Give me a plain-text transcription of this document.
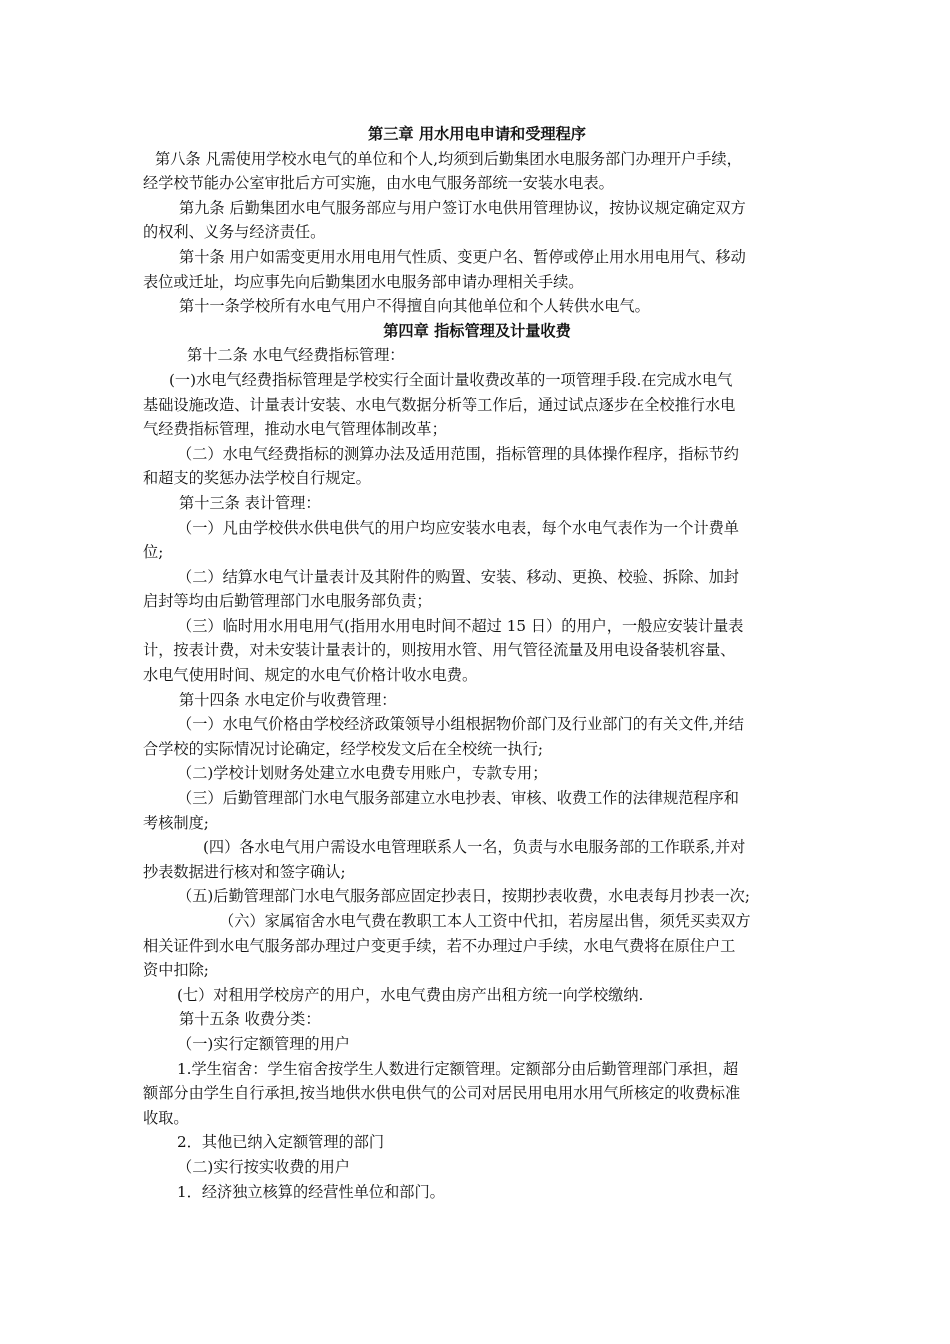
第三章 用水用电申请和受理程序
第八条 凡需使用学校水电气的单位和个人,均须到后勤集团水电服务部门办理开户手续，
经学校节能办公室审批后方可实施，由水电气服务部统一安装水电表。
第九条 后勤集团水电气服务部应与用户签订水电供用管理协议，按协议规定确定双方
的权利、义务与经济责任。
第十条 用户如需变更用水用电用气性质、变更户名、暂停或停止用水用电用气、移动
表位或迁址，均应事先向后勤集团水电服务部申请办理相关手续。
第十一条学校所有水电气用户不得擅自向其他单位和个人转供水电气。
第四章 指标管理及计量收费
第十二条 水电气经费指标管理：
(一)水电气经费指标管理是学校实行全面计量收费改革的一项管理手段.在完成水电气
基础设施改造、计量表计安装、水电气数据分析等工作后，通过试点逐步在全校推行水电
气经费指标管理，推动水电气管理体制改革；
（二）水电气经费指标的测算办法及适用范围，指标管理的具体操作程序，指标节约
和超支的奖惩办法学校自行规定。
第十三条 表计管理：
（一）凡由学校供水供电供气的用户均应安装水电表，每个水电气表作为一个计费单
位;
（二）结算水电气计量表计及其附件的购置、安装、移动、更换、校验、拆除、加封
启封等均由后勤管理部门水电服务部负责；
（三）临时用水用电用气(指用水用电时间不超过 15 日）的用户，一般应安装计量表
计，按表计费，对未安装计量表计的，则按用水管、用气管径流量及用电设备装机容量、
水电气使用时间、规定的水电气价格计收水电费。
第十四条 水电定价与收费管理：
（一）水电气价格由学校经济政策领导小组根据物价部门及行业部门的有关文件,并结
合学校的实际情况讨论确定，经学校发文后在全校统一执行;
（二)学校计划财务处建立水电费专用账户，专款专用；
（三）后勤管理部门水电气服务部建立水电抄表、审核、收费工作的法律规范程序和
考核制度;
(四）各水电气用户需设水电管理联系人一名，负责与水电服务部的工作联系,并对
抄表数据进行核对和签字确认;
（五)后勤管理部门水电气服务部应固定抄表日，按期抄表收费，水电表每月抄表一次;
（六）家属宿舍水电气费在教职工本人工资中代扣，若房屋出售，须凭买卖双方
相关证件到水电气服务部办理过户变更手续，若不办理过户手续，水电气费将在原住户工
资中扣除;
(七）对租用学校房产的用户，水电气费由房产出租方统一向学校缴纳.
第十五条 收费分类：
（一)实行定额管理的用户
1.学生宿舍：学生宿舍按学生人数进行定额管理。定额部分由后勤管理部门承担，超
额部分由学生自行承担,按当地供水供电供气的公司对居民用电用水用气所核定的收费标准
收取。
2．其他已纳入定额管理的部门
（二)实行按实收费的用户
1．经济独立核算的经营性单位和部门。
